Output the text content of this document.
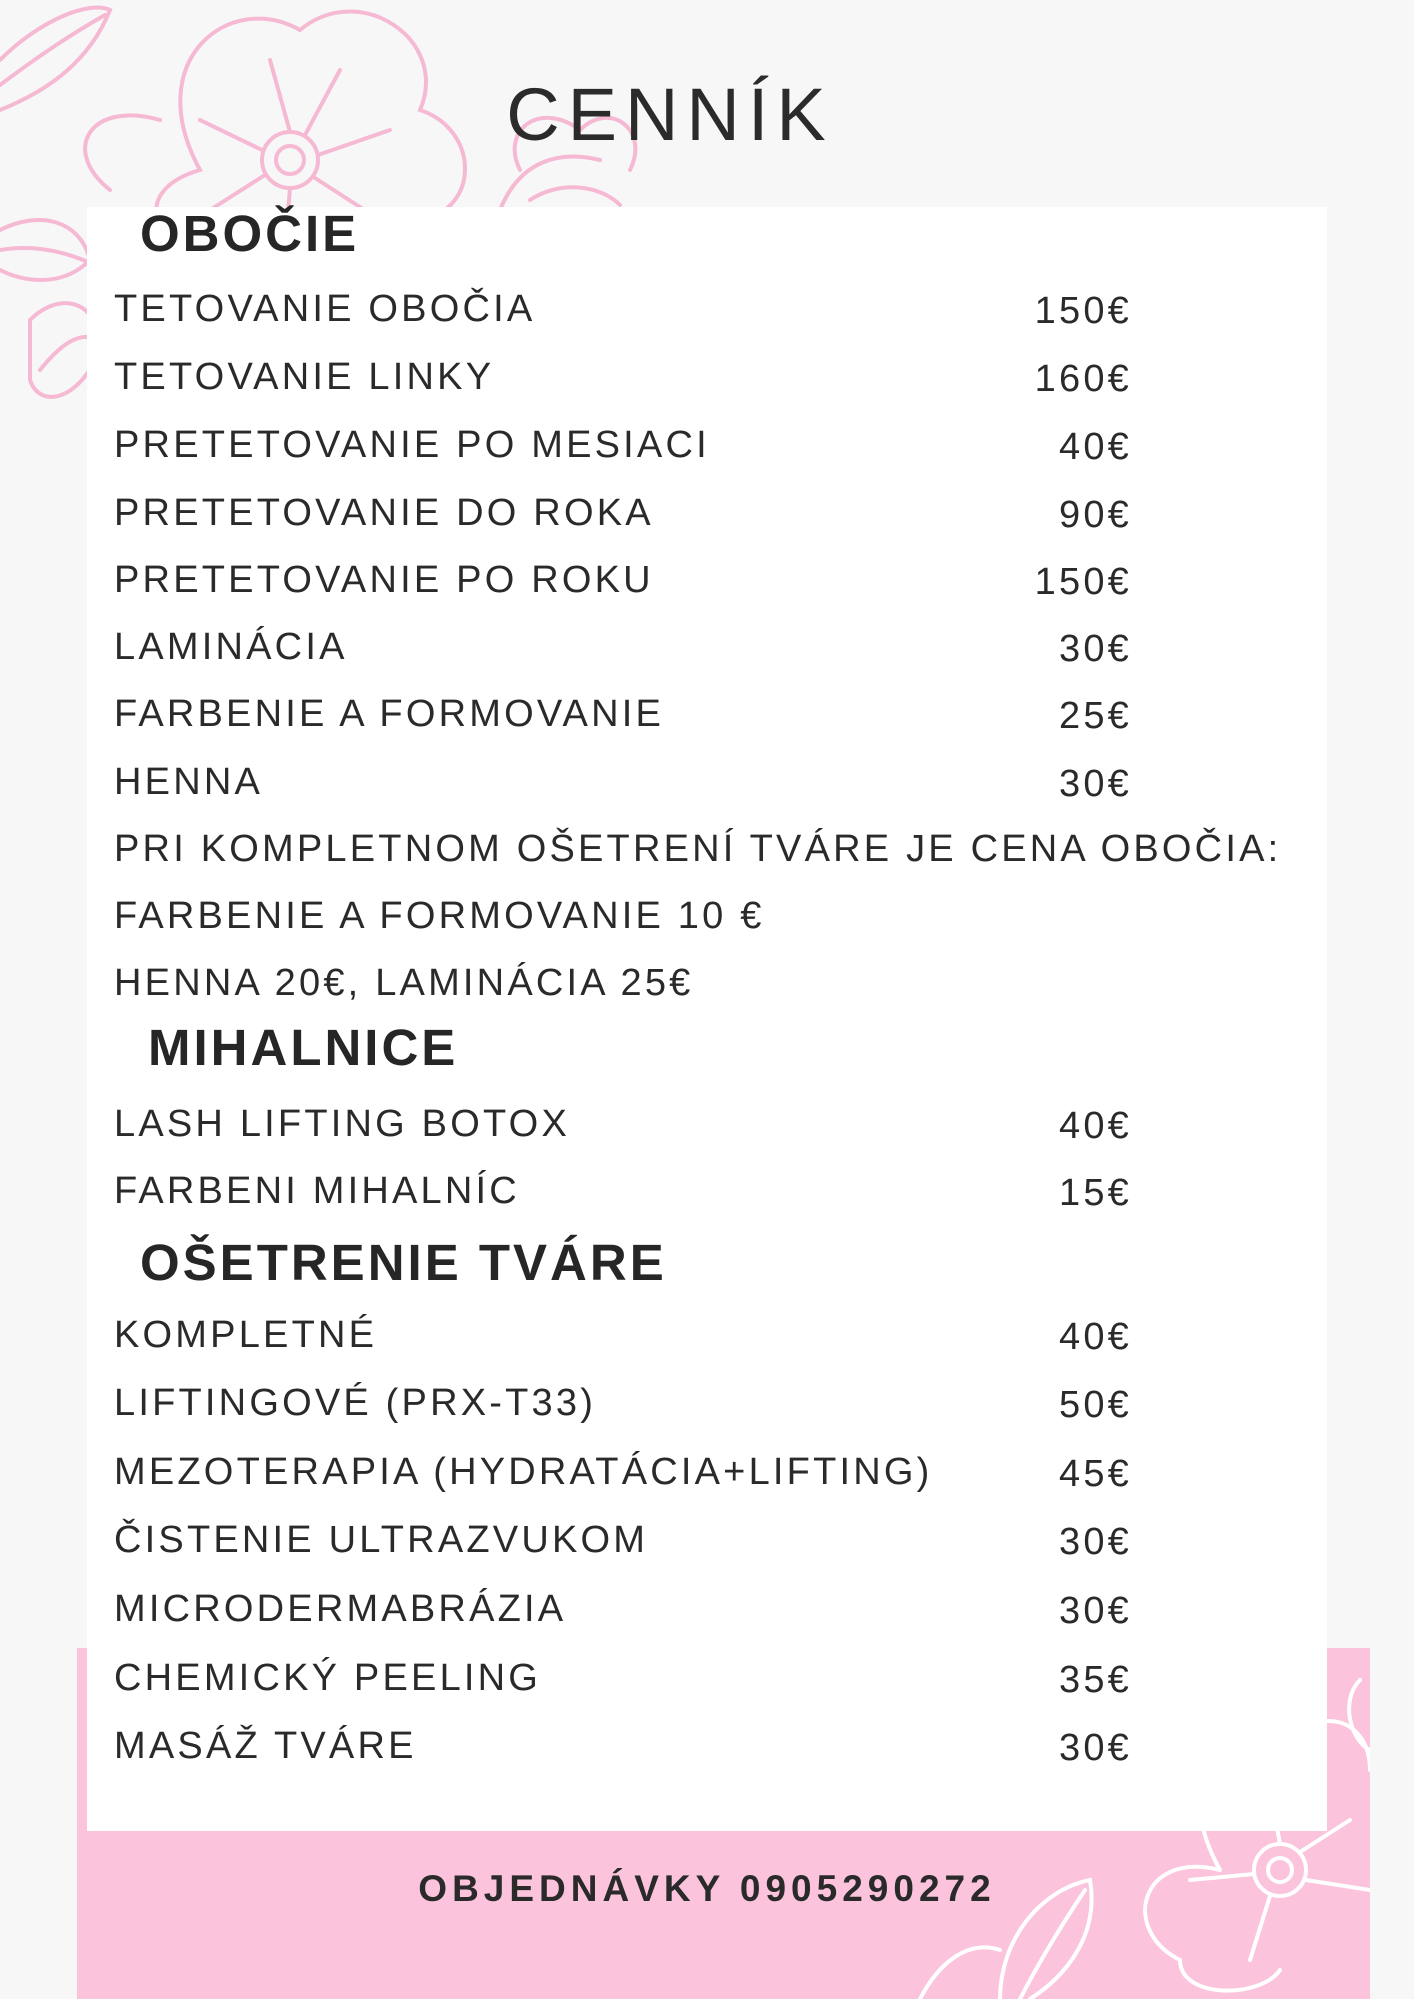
CENNÍK
OBOČIE
TETOVANIE OBOČIA	150€
TETOVANIE LINKY	160€
PRETETOVANIE PO MESIACI	40€
PRETETOVANIE DO ROKA	90€
PRETETOVANIE PO ROKU	150€
LAMINÁCIA	30€
FARBENIE A FORMOVANIE	25€
HENNA	30€
PRI KOMPLETNOM OŠETRENÍ TVÁRE JE CENA OBOČIA:
FARBENIE A FORMOVANIE 10 €
HENNA 20€, LAMINÁCIA 25€
MIHALNICE
LASH LIFTING BOTOX	40€
FARBENI MIHALNÍC	15€
OŠETRENIE TVÁRE
KOMPLETNÉ	40€
LIFTINGOVÉ (PRX-T33)	50€
MEZOTERAPIA (HYDRATÁCIA+LIFTING)	45€
ČISTENIE ULTRAZVUKOM	30€
MICRODERMABRÁZIA	30€
CHEMICKÝ PEELING	35€
MASÁŽ TVÁRE	30€
OBJEDNÁVKY 0905290272
